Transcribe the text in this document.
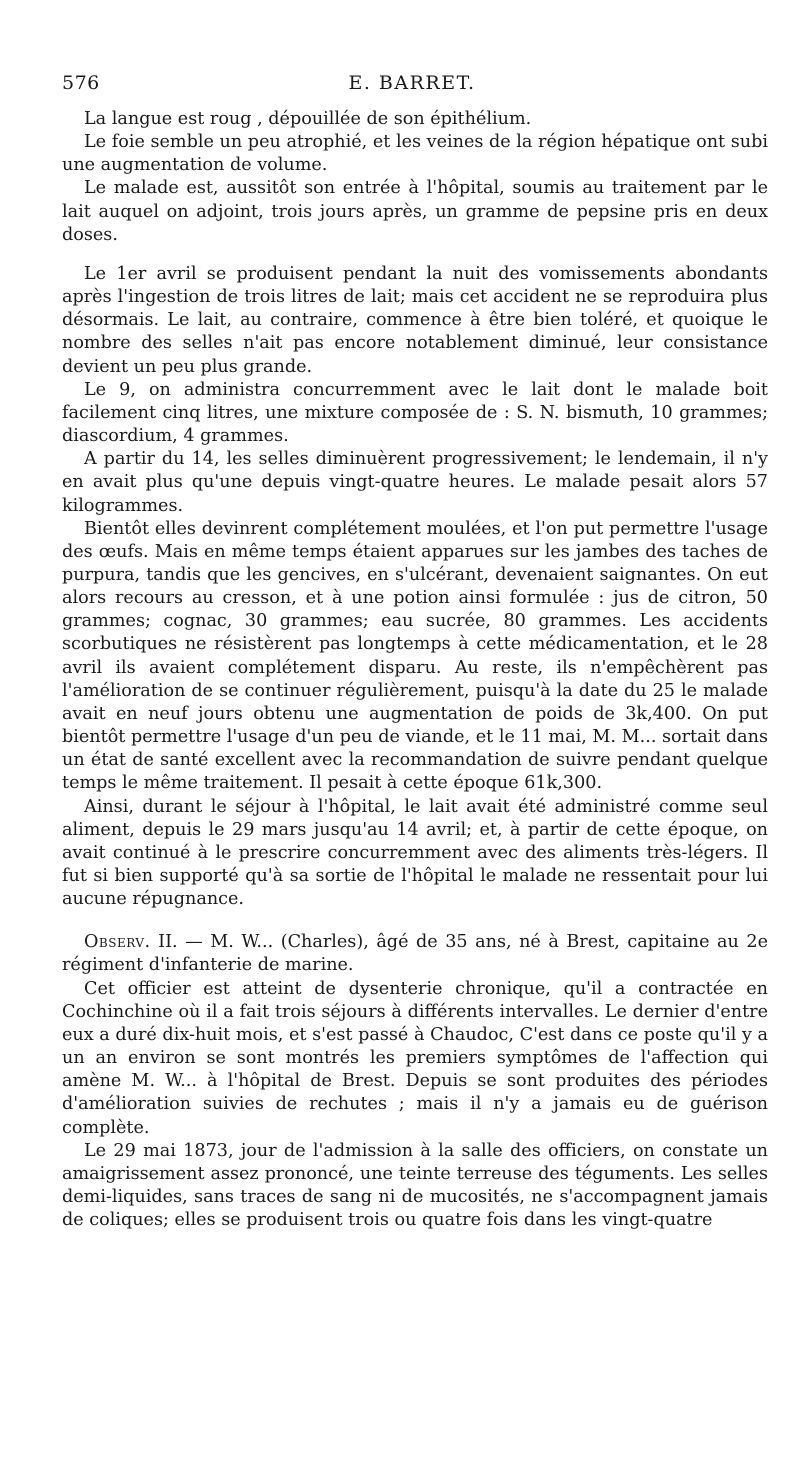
576	E. BARRET.

La langue est roug , dépouillée de son épithélium.

Le foie semble un peu atrophié, et les veines de la région hépatique ont subi une augmentation de volume.

Le malade est, aussitôt son entrée à l'hôpital, soumis au traitement par le lait auquel on adjoint, trois jours après, un gramme de pepsine pris en deux doses.

Le 1er avril se produisent pendant la nuit des vomissements abondants après l'ingestion de trois litres de lait; mais cet accident ne se reproduira plus désormais. Le lait, au contraire, commence à être bien toléré, et quoique le nombre des selles n'ait pas encore notablement diminué, leur consistance devient un peu plus grande.

Le 9, on administra concurremment avec le lait dont le malade boit facilement cinq litres, une mixture composée de : S. N. bismuth, 10 grammes; diascordium, 4 grammes.

A partir du 14, les selles diminuèrent progressivement; le lendemain, il n'y en avait plus qu'une depuis vingt-quatre heures. Le malade pesait alors 57 kilogrammes.

Bientôt elles devinrent complétement moulées, et l'on put permettre l'usage des œufs. Mais en même temps étaient apparues sur les jambes des taches de purpura, tandis que les gencives, en s'ulcérant, devenaient saignantes. On eut alors recours au cresson, et à une potion ainsi formulée : jus de citron, 50 grammes; cognac, 30 grammes; eau sucrée, 80 grammes. Les accidents scorbutiques ne résistèrent pas longtemps à cette médicamentation, et le 28 avril ils avaient complétement disparu. Au reste, ils n'empêchèrent pas l'amélioration de se continuer régulièrement, puisqu'à la date du 25 le malade avait en neuf jours obtenu une augmentation de poids de 3k,400. On put bientôt permettre l'usage d'un peu de viande, et le 11 mai, M. M... sortait dans un état de santé excellent avec la recommandation de suivre pendant quelque temps le même traitement. Il pesait à cette époque 61k,300.

Ainsi, durant le séjour à l'hôpital, le lait avait été administré comme seul aliment, depuis le 29 mars jusqu'au 14 avril; et, à partir de cette époque, on avait continué à le prescrire concurremment avec des aliments très-légers. Il fut si bien supporté qu'à sa sortie de l'hôpital le malade ne ressentait pour lui aucune répugnance.

Observ. II. — M. W... (Charles), âgé de 35 ans, né à Brest, capitaine au 2e régiment d'infanterie de marine.

Cet officier est atteint de dysenterie chronique, qu'il a contractée en Cochinchine où il a fait trois séjours à différents intervalles. Le dernier d'entre eux a duré dix-huit mois, et s'est passé à Chaudoc, C'est dans ce poste qu'il y a un an environ se sont montrés les premiers symptômes de l'affection qui amène M. W... à l'hôpital de Brest. Depuis se sont produites des périodes d'amélioration suivies de rechutes ; mais il n'y a jamais eu de guérison complète.

Le 29 mai 1873, jour de l'admission à la salle des officiers, on constate un amaigrissement assez prononcé, une teinte terreuse des téguments. Les selles demi-liquides, sans traces de sang ni de mucosités, ne s'accompagnent jamais de coliques; elles se produisent trois ou quatre fois dans les vingt-quatre
